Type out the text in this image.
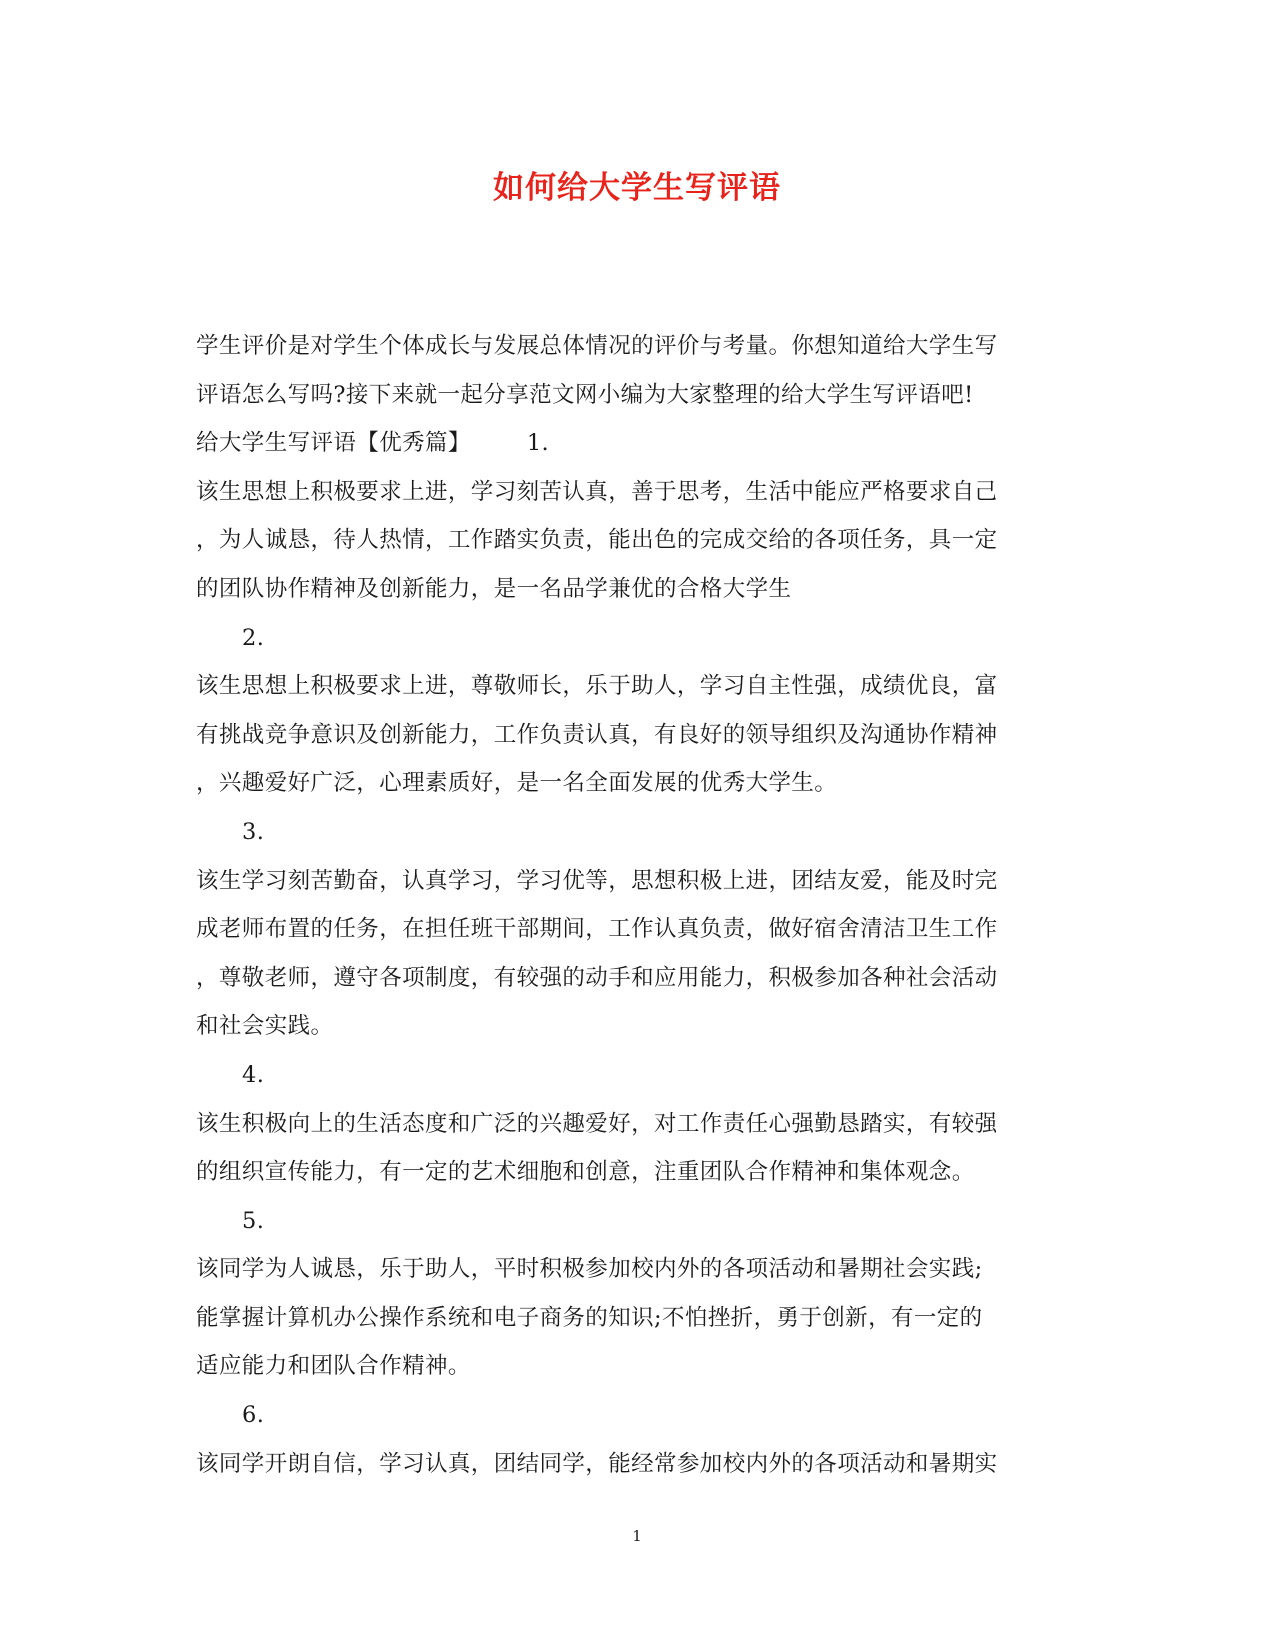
如何给大学生写评语
学生评价是对学生个体成长与发展总体情况的评价与考量。你想知道给大学生写
评语怎么写吗?接下来就一起分享范文网小编为大家整理的给大学生写评语吧!
给大学生写评语【优秀篇】 1.
该生思想上积极要求上进，学习刻苦认真，善于思考，生活中能应严格要求自己
，为人诚恳，待人热情，工作踏实负责，能出色的完成交给的各项任务，具一定
的团队协作精神及创新能力，是一名品学兼优的合格大学生
2.
该生思想上积极要求上进，尊敬师长，乐于助人，学习自主性强，成绩优良，富
有挑战竞争意识及创新能力，工作负责认真，有良好的领导组织及沟通协作精神
，兴趣爱好广泛，心理素质好，是一名全面发展的优秀大学生。
3.
该生学习刻苦勤奋，认真学习，学习优等，思想积极上进，团结友爱，能及时完
成老师布置的任务，在担任班干部期间，工作认真负责，做好宿舍清洁卫生工作
，尊敬老师，遵守各项制度，有较强的动手和应用能力，积极参加各种社会活动
和社会实践。
4.
该生积极向上的生活态度和广泛的兴趣爱好，对工作责任心强勤恳踏实，有较强
的组织宣传能力，有一定的艺术细胞和创意，注重团队合作精神和集体观念。
5.
该同学为人诚恳，乐于助人，平时积极参加校内外的各项活动和暑期社会实践;
能掌握计算机办公操作系统和电子商务的知识;不怕挫折，勇于创新，有一定的
适应能力和团队合作精神。
6.
该同学开朗自信，学习认真，团结同学，能经常参加校内外的各项活动和暑期实
1
